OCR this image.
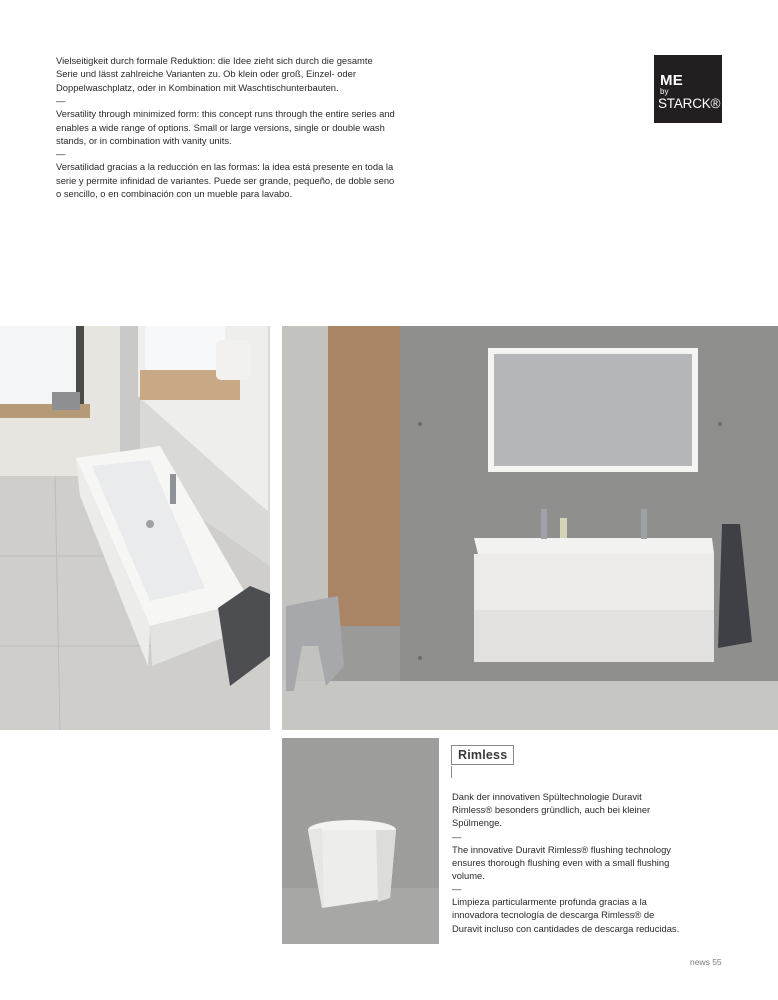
Vielseitigkeit durch formale Reduktion: die Idee zieht sich durch die gesamte Serie und lässt zahlreiche Varianten zu. Ob klein oder groß, Einzel- oder Doppelwaschplatz, oder in Kombination mit Waschtischunterbauten.

—

Versatility through minimized form: this concept runs through the entire series and enables a wide range of options. Small or large versions, single or double wash stands, or in combination with vanity units.

—

Versatilidad gracias a la reducción en las formas: la idea está presente en toda la serie y permite infinidad de variantes. Puede ser grande, pequeño, de doble seno o sencillo, o en combinación con un mueble para lavabo.

ME
by
STARCK®
Rimless

Dank der innovativen Spültechnologie Duravit Rimless® besonders gründlich, auch bei kleiner Spülmenge.

—

The innovative Duravit Rimless® flushing technology ensures thorough flushing even with a small flushing volume.

—

Limpieza particularmente profunda gracias a la innovadora tecnología de descarga Rimless® de Duravit incluso con cantidades de descarga reducidas.

news 55
